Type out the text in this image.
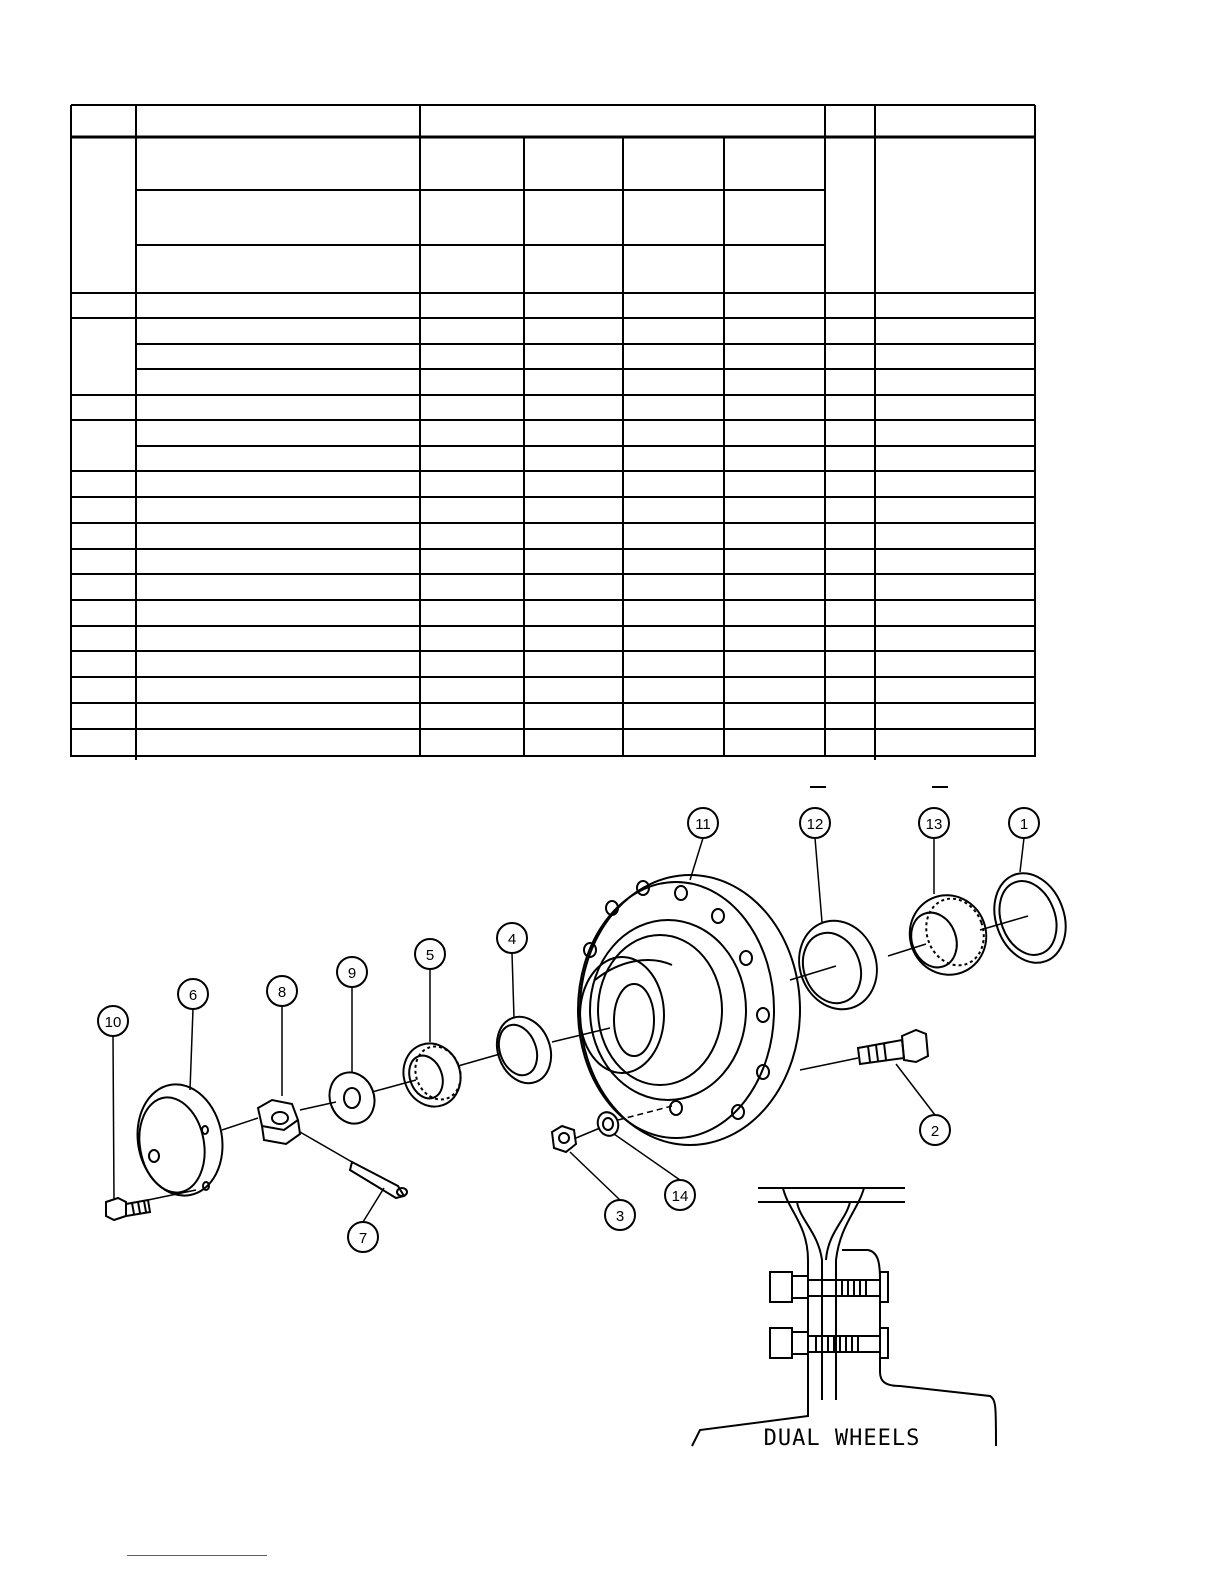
11	12	13	1
4
5
9
8
6
10
2
3
14
7
DUAL WHEELS
